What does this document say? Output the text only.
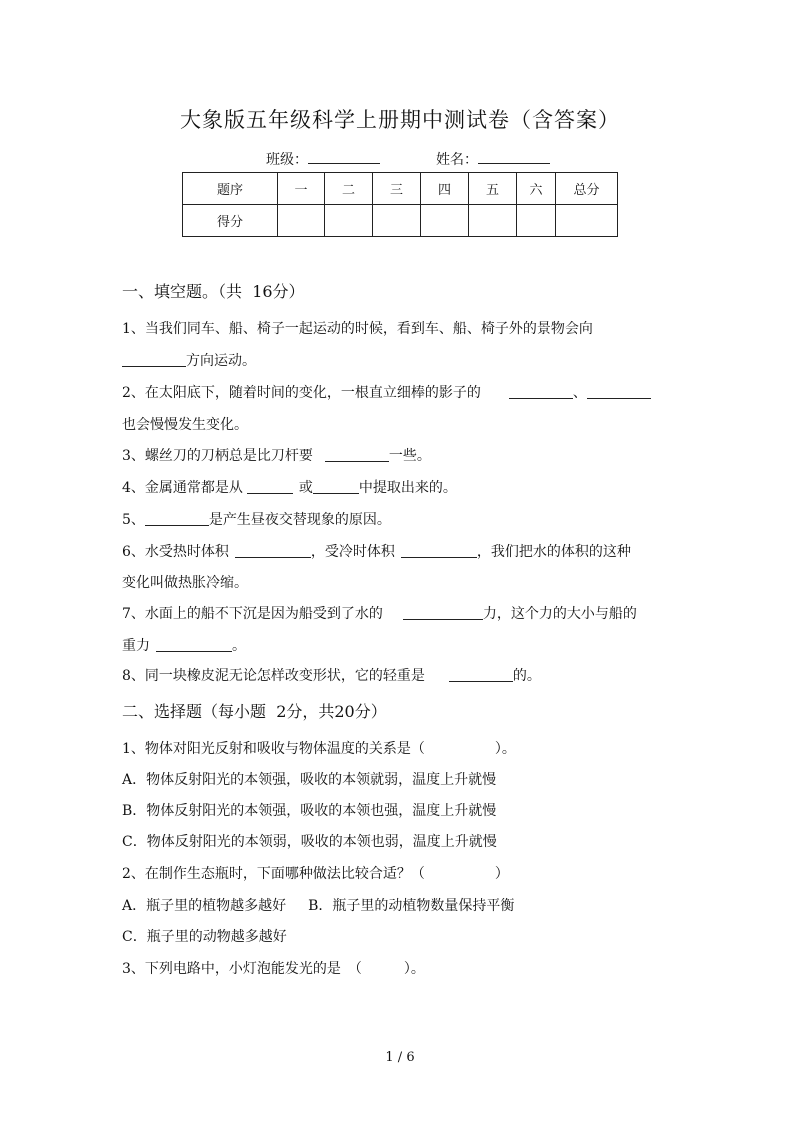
大象版五年级科学上册期中测试卷（含答案）
班级：	姓名：
题序	一	二	三	四	五	六	总分
得分							
一、填空题。（共 16分）
1、当我们同车、船、椅子一起运动的时候，看到车、船、椅子外的景物会向
方向运动。
2、在太阳底下，随着时间的变化，一根直立细棒的影子的	、
也会慢慢发生变化。
3、螺丝刀的刀柄总是比刀杆要	一些。
4、金属通常都是从	或	中提取出来的。
5、	是产生昼夜交替现象的原因。
6、水受热时体积	，受冷时体积	，我们把水的体积的这种
变化叫做热胀冷缩。
7、水面上的船不下沉是因为船受到了水的	力，这个力的大小与船的
重力	。
8、同一块橡皮泥无论怎样改变形状，它的轻重是	的。
二、选择题（每小题 2分，共20分）
1、物体对阳光反射和吸收与物体温度的关系是（　　　　　）。
A．物体反射阳光的本领强，吸收的本领就弱，温度上升就慢
B．物体反射阳光的本领强，吸收的本领也强，温度上升就慢
C．物体反射阳光的本领弱，吸收的本领也弱，温度上升就慢
2、在制作生态瓶时，下面哪种做法比较合适？（　　　　　）
A．瓶子里的植物越多越好 B．瓶子里的动植物数量保持平衡
C．瓶子里的动物越多越好
3、下列电路中，小灯泡能发光的是　（　　　）。
1 / 6
